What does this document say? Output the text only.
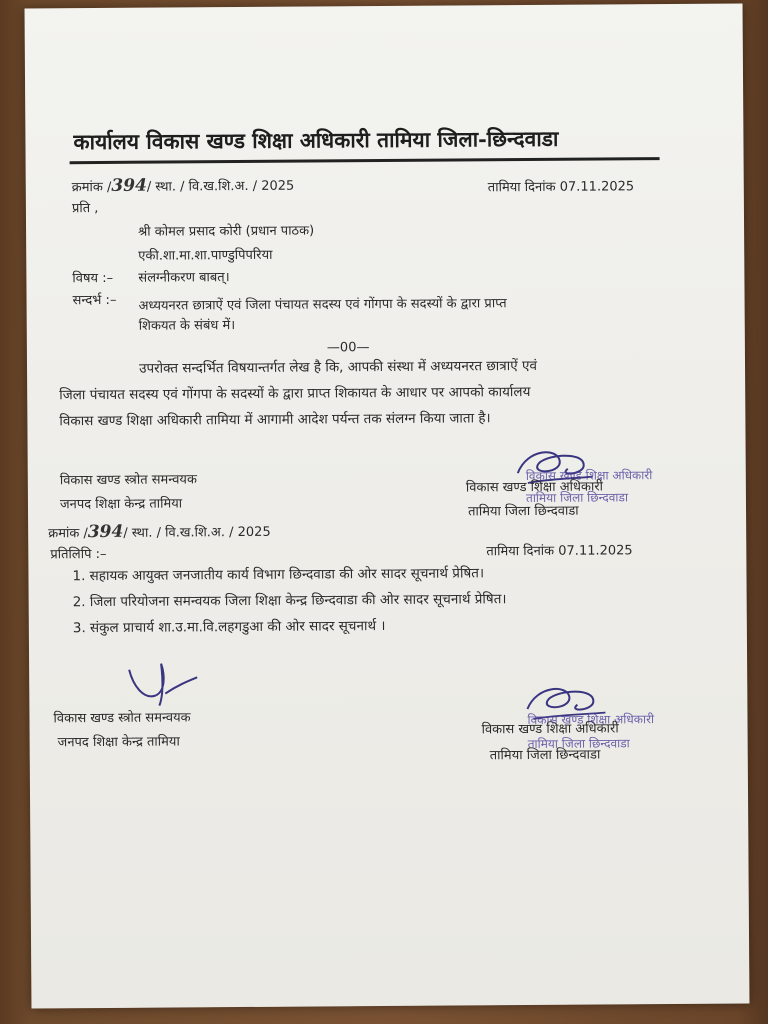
कार्यालय विकास खण्ड शिक्षा अधिकारी तामिया जिला-छिन्दवाडा
क्रमांक /394/ स्था. / वि.ख.शि.अ. / 2025	तामिया दिनांक 07.11.2025
प्रति ,
श्री कोमल प्रसाद कोरी (प्रधान पाठक)
एकी.शा.मा.शा.पाण्डुपिपरिया
विषय :– संलग्नीकरण बाबत्।
सन्दर्भ :– अध्ययनरत छात्राऐं एवं जिला पंचायत सदस्य एवं गोंगपा के सदस्यों के द्वारा प्राप्त
शिकयत के संबंध में।
—00—
उपरोक्त सन्दर्भित विषयान्तर्गत लेख है कि, आपकी संस्था में अध्ययनरत छात्राऐं एवं
जिला पंचायत सदस्य एवं गोंगपा के सदस्यों के द्वारा प्राप्त शिकायत के आधार पर आपको कार्यालय
विकास खण्ड शिक्षा अधिकारी तामिया में आगामी आदेश पर्यन्त तक संलग्न किया जाता है।
विकास खण्ड स्त्रोत समन्वयक
जनपद शिक्षा केन्द्र तामिया
विकास खण्ड शिक्षा अधिकारी
तामिया जिला छिन्दवाडा
विकास खण्ड शिक्षा अधिकारी
तामिया जिला छिन्दवाडा
क्रमांक /394/ स्था. / वि.ख.शि.अ. / 2025
तामिया दिनांक 07.11.2025
प्रतिलिपि :–
1. सहायक आयुक्त जनजातीय कार्य विभाग छिन्दवाडा की ओर सादर सूचनार्थ प्रेषित।
2. जिला परियोजना समन्वयक जिला शिक्षा केन्द्र छिन्दवाडा की ओर सादर सूचनार्थ प्रेषित।
3. संकुल प्राचार्य शा.उ.मा.वि.लहगडुआ की ओर सादर सूचनार्थ ।
विकास खण्ड स्त्रोत समन्वयक
जनपद शिक्षा केन्द्र तामिया
विकास खण्ड शिक्षा अधिकारी
तामिया जिला छिन्दवाडा
विकास खण्ड शिक्षा अधिकारी
तामिया जिला छिन्दवाडा
